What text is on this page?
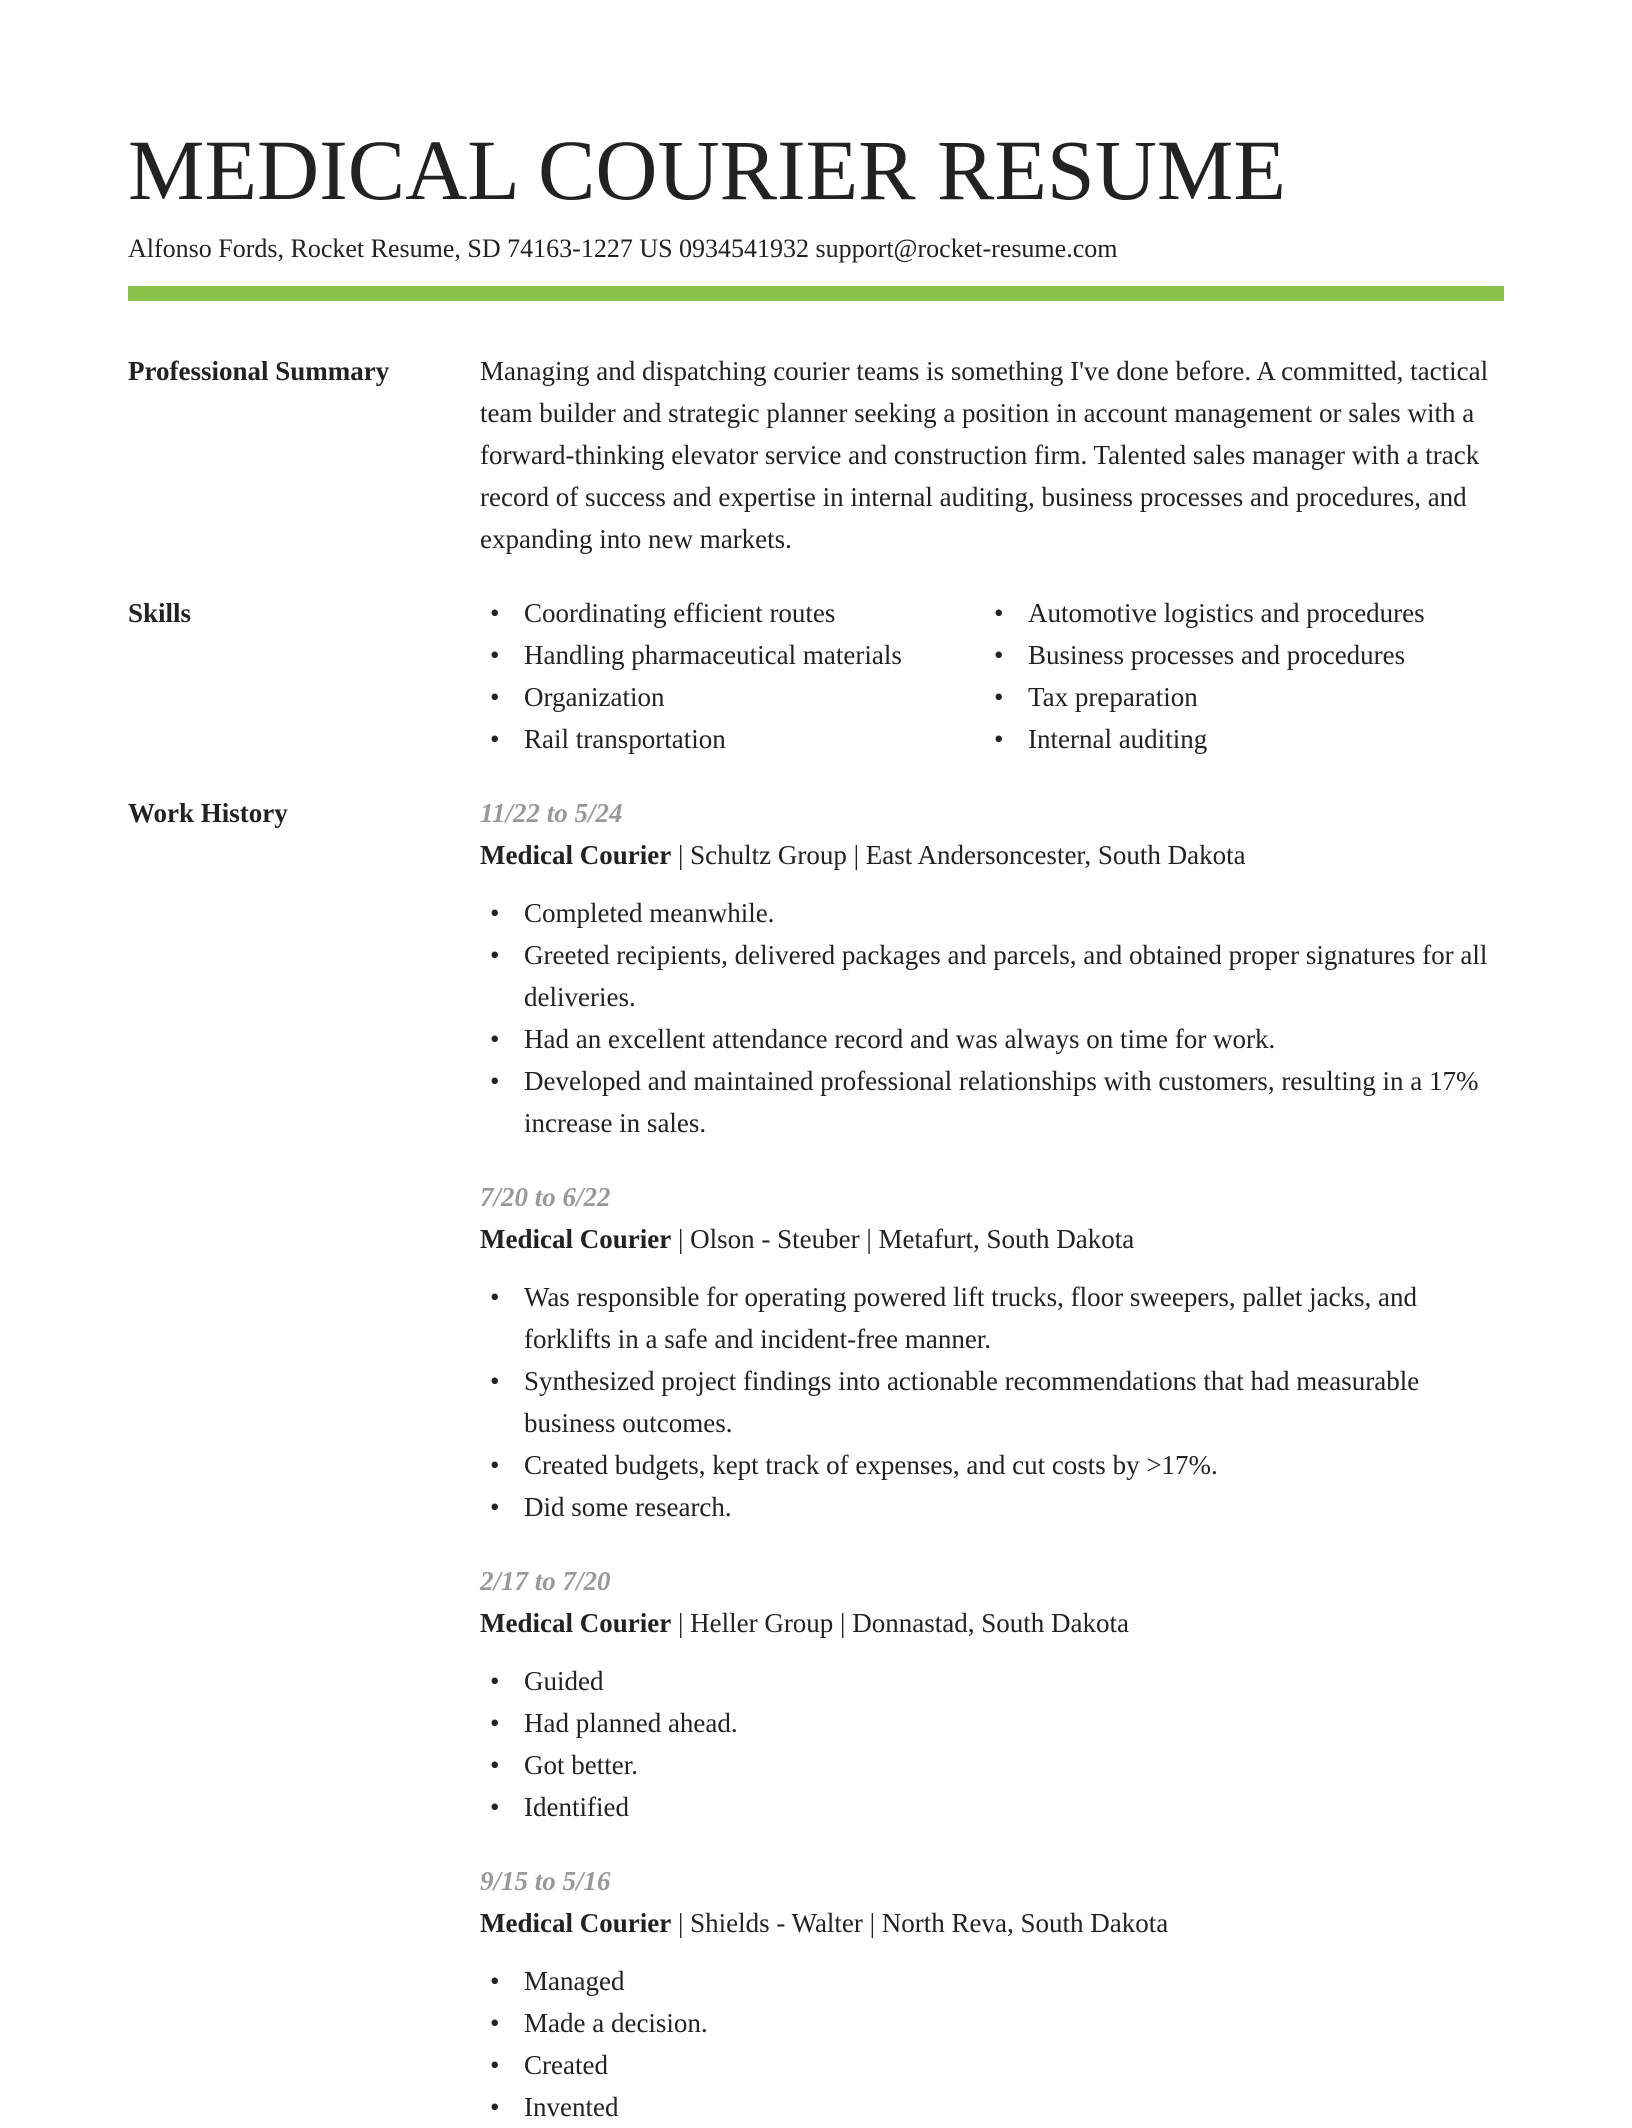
MEDICAL COURIER RESUME
Alfonso Fords, Rocket Resume, SD 74163-1227 US 0934541932 support@rocket-resume.com
Professional Summary	Managing and dispatching courier teams is something I've done before. A committed, tactical team builder and strategic planner seeking a position in account management or sales with a forward-thinking elevator service and construction firm. Talented sales manager with a track record of success and expertise in internal auditing, business processes and procedures, and expanding into new markets.
Skills
•	Coordinating efficient routes
• Handling pharmaceutical materials
• Organization
• Rail transportation
• Automotive logistics and procedures
• Business processes and procedures
• Tax preparation
• Internal auditing
Work History	11/22 to 5/24
Medical Courier | Schultz Group | East Andersoncester, South Dakota
• Completed meanwhile.
• Greeted recipients, delivered packages and parcels, and obtained proper signatures for all deliveries.
• Had an excellent attendance record and was always on time for work.
• Developed and maintained professional relationships with customers, resulting in a 17% increase in sales.
7/20 to 6/22
Medical Courier | Olson - Steuber | Metafurt, South Dakota
• Was responsible for operating powered lift trucks, floor sweepers, pallet jacks, and forklifts in a safe and incident-free manner.
• Synthesized project findings into actionable recommendations that had measurable business outcomes.
• Created budgets, kept track of expenses, and cut costs by >17%.
• Did some research.
2/17 to 7/20
Medical Courier | Heller Group | Donnastad, South Dakota
• Guided
• Had planned ahead.
• Got better.
• Identified
9/15 to 5/16
Medical Courier | Shields - Walter | North Reva, South Dakota
• Managed
• Made a decision.
• Created
• Invented
